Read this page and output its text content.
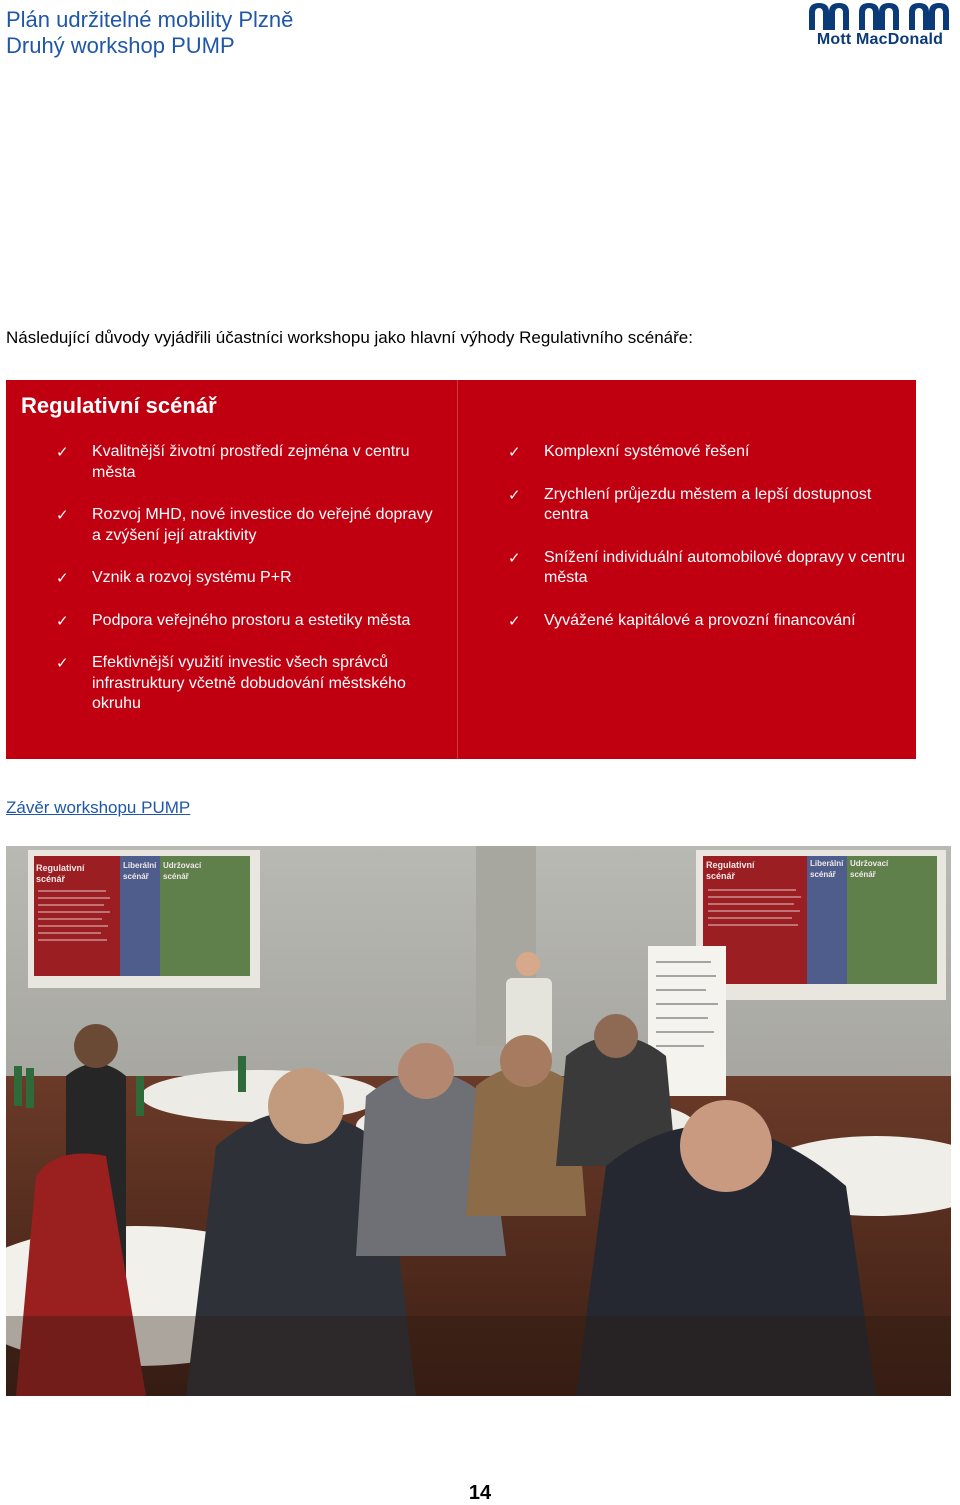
Plán udržitelné mobility Plzně
Druhý workshop PUMP	Mott MacDonald
Následující důvody vyjádřili účastníci workshopu jako hlavní výhody Regulativního scénáře:
Regulativní scénář
✓ Kvalitnější životní prostředí zejména v centru města
✓ Rozvoj MHD, nové investice do veřejné dopravy a zvýšení její atraktivity
✓ Vznik a rozvoj systému P+R
✓ Podpora veřejného prostoru a estetiky města
✓ Efektivnější využití investic všech správců infrastruktury včetně dobudování městského okruhu
✓ Komplexní systémové řešení
✓ Zrychlení průjezdu městem a lepší dostupnost centra
✓ Snížení individuální automobilové dopravy v centru města
✓ Vyvážené kapitálové a provozní financování
Závěr workshopu PUMP
Regulativní
scénář
Liberální
scénář
Udržovací
scénář
Regulativní
scénář
Liberální
scénář
Udržovací
scénář
14
